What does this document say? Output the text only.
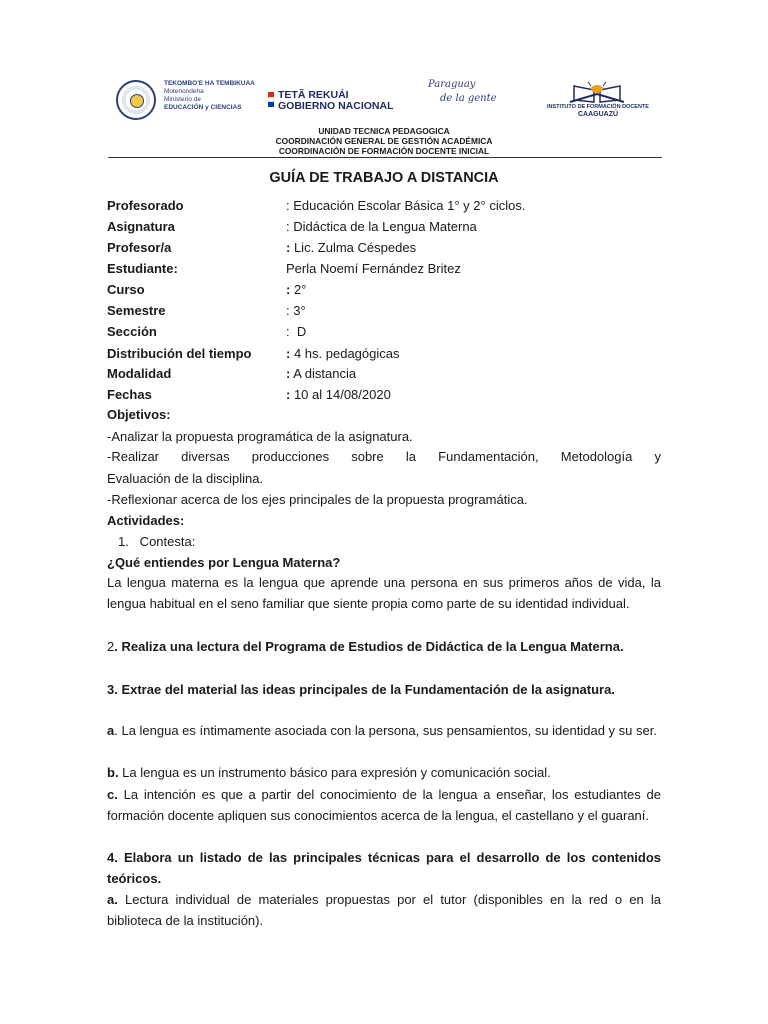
TEKOMBO'E HA TEMBIKUAA
Motenondeha
Ministerio de
EDUCACIÓN y CIENCIAS
TETÃ REKUÁI
GOBIERNO NACIONAL
Paraguay
de la gente
INSTITUTO DE FORMACIÓN DOCENTE
CAAGUAZÚ
UNIDAD TECNICA PEDAGOGICA
COORDINACIÓN GENERAL DE GESTIÓN ACADÉMICA
COORDINACIÓN DE FORMACIÓN DOCENTE INICIAL
GUÍA DE TRABAJO A DISTANCIA
Profesorado	: Educación Escolar Básica 1° y 2° ciclos.
Asignatura	: Didáctica de la Lengua Materna
Profesor/a	: Lic. Zulma Céspedes
Estudiante:	Perla Noemí Fernández Britez
Curso	: 2°
Semestre	: 3°
Sección	:  D
Distribución del tiempo	: 4 hs. pedagógicas
Modalidad	: A distancia
Fechas	: 10 al 14/08/2020
Objetivos:
-Analizar la propuesta programática de la asignatura.
-Realizar diversas producciones sobre la Fundamentación, Metodología y
Evaluación de la disciplina.
-Reflexionar acerca de los ejes principales de la propuesta programática.
Actividades:
1.   Contesta:
¿Qué entiendes por Lengua Materna?
La lengua materna es la lengua que aprende una persona en sus primeros años de vida, la lengua habitual en el seno familiar que siente propia como parte de su identidad individual.
2. Realiza una lectura del Programa de Estudios de Didáctica de la Lengua Materna.
3. Extrae del material las ideas principales de la Fundamentación de la asignatura.
a. La lengua es íntimamente asociada con la persona, sus pensamientos, su identidad y su ser.
b. La lengua es un instrumento básico para expresión y comunicación social.
c. La intención es que a partir del conocimiento de la lengua a enseñar, los estudiantes de formación docente apliquen sus conocimientos acerca de la lengua, el castellano y el guaraní.
4. Elabora un listado de las principales técnicas para el desarrollo de los contenidos teóricos.
a. Lectura individual de materiales propuestas por el tutor (disponibles en la red o en la biblioteca de la institución).
